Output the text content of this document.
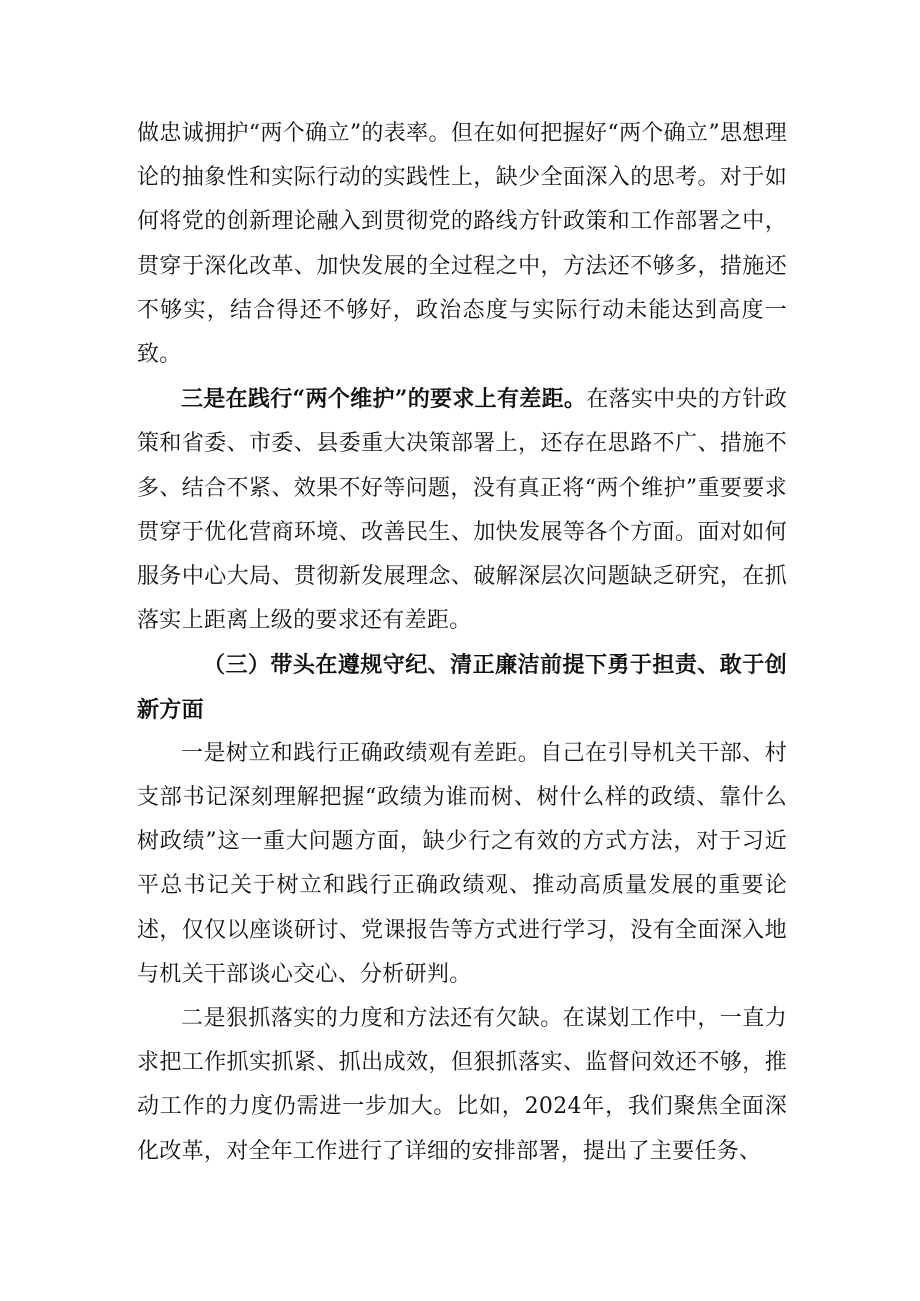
做忠诚拥护“两个确立”的表率。但在如何把握好“两个确立”思想理论的抽象性和实际行动的实践性上，缺少全面深入的思考。对于如何将党的创新理论融入到贯彻党的路线方针政策和工作部署之中，贯穿于深化改革、加快发展的全过程之中，方法还不够多，措施还不够实，结合得还不够好，政治态度与实际行动未能达到高度一致。

三是在践行“两个维护”的要求上有差距。在落实中央的方针政策和省委、市委、县委重大决策部署上，还存在思路不广、措施不多、结合不紧、效果不好等问题，没有真正将“两个维护”重要要求贯穿于优化营商环境、改善民生、加快发展等各个方面。面对如何服务中心大局、贯彻新发展理念、破解深层次问题缺乏研究，在抓落实上距离上级的要求还有差距。

（三）带头在遵规守纪、清正廉洁前提下勇于担责、敢于创新方面

一是树立和践行正确政绩观有差距。自己在引导机关干部、村支部书记深刻理解把握“政绩为谁而树、树什么样的政绩、靠什么树政绩”这一重大问题方面，缺少行之有效的方式方法，对于习近平总书记关于树立和践行正确政绩观、推动高质量发展的重要论述，仅仅以座谈研讨、党课报告等方式进行学习，没有全面深入地与机关干部谈心交心、分析研判。

二是狠抓落实的力度和方法还有欠缺。在谋划工作中，一直力求把工作抓实抓紧、抓出成效，但狠抓落实、监督问效还不够，推动工作的力度仍需进一步加大。比如，2024年，我们聚焦全面深化改革，对全年工作进行了详细的安排部署，提出了主要任务、
